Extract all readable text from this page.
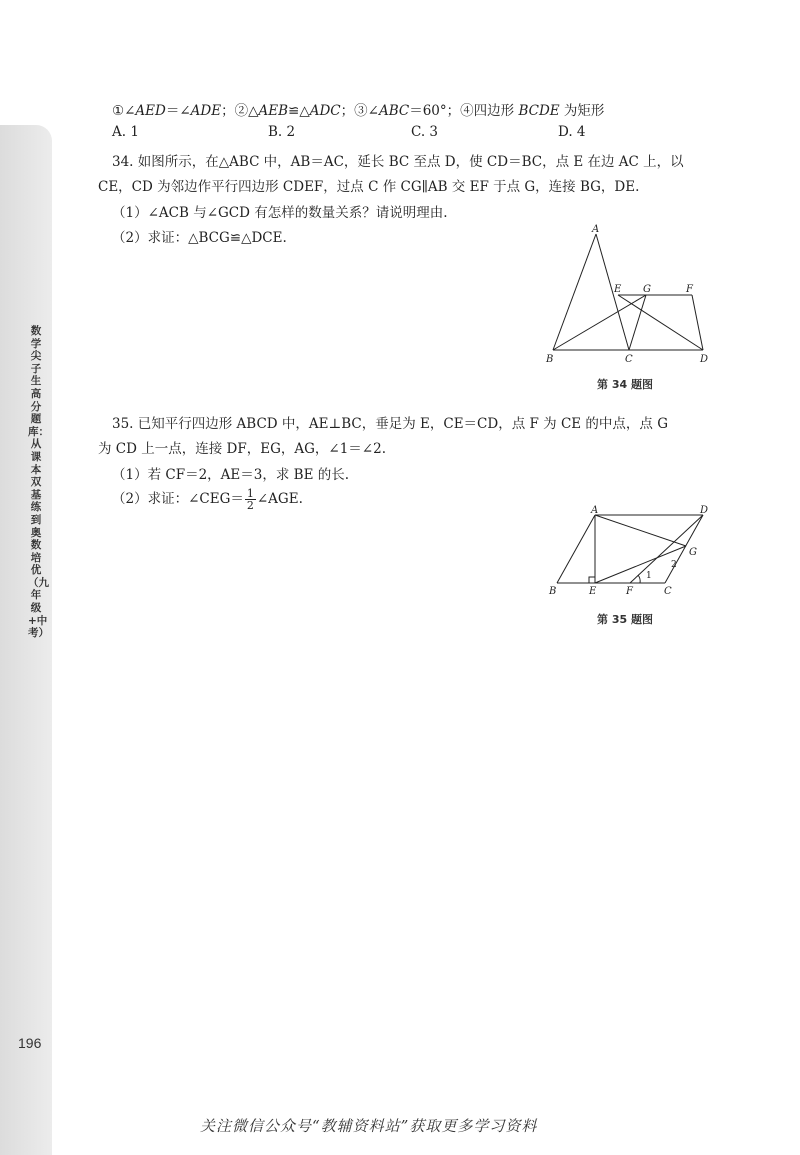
数学尖子生高分题库：从课本双基练到奥数培优（九年级+中考）
196
①∠AED＝∠ADE；②△AEB≌△ADC；③∠ABC＝60°；④四边形 BCDE 为矩形
A. 1	B. 2	C. 3	D. 4
34. 如图所示，在△ABC 中，AB＝AC，延长 BC 至点 D，使 CD＝BC，点 E 在边 AC 上，以
CE，CD 为邻边作平行四边形 CDEF，过点 C 作 CG∥AB 交 EF 于点 G，连接 BG，DE.
（1）∠ACB 与∠GCD 有怎样的数量关系？请说明理由.
（2）求证：△BCG≌△DCE.
A
B	C	D
E G	F
第 34 题图
35. 已知平行四边形 ABCD 中，AE⊥BC，垂足为 E，CE＝CD，点 F 为 CE 的中点，点 G
为 CD 上一点，连接 DF，EG，AG，∠1＝∠2.
（1）若 CF＝2，AE＝3，求 BE 的长.
（2）求证：∠CEG＝ $\frac{1}{2}$ ∠AGE.
A	D
B	E	F	C
G
1
2
第 35 题图
关注微信公众号“教辅资料站”获取更多学习资料
